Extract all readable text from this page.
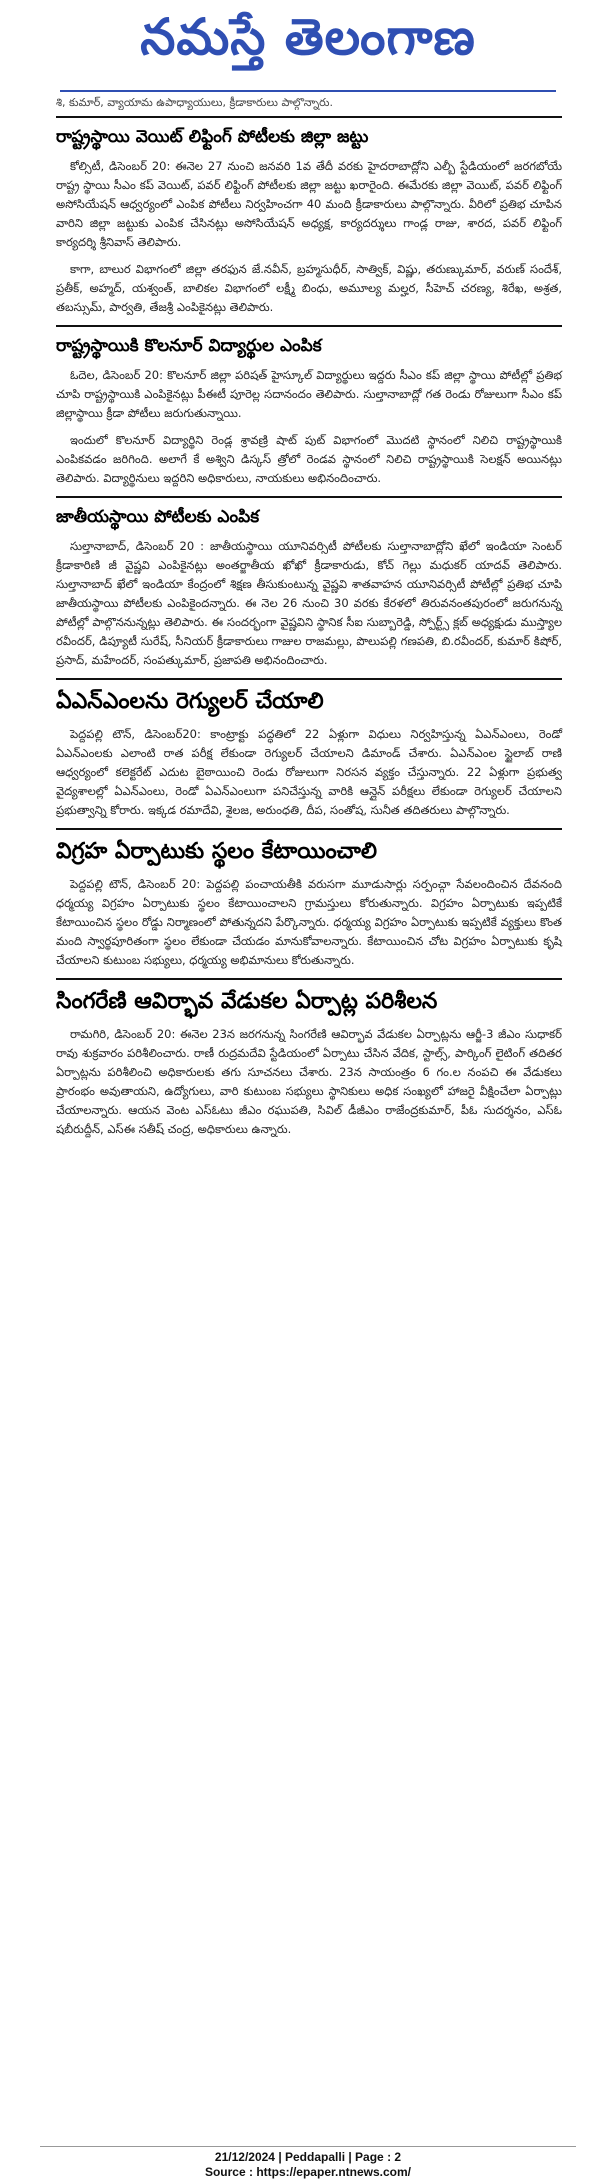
నమస్తే తెలంగాణ
శి, కుమార్, వ్యాయామ ఉపాధ్యాయులు, క్రీడాకారులు పాల్గొన్నారు.
రాష్ట్రస్థాయి వెయిట్ లిఫ్టింగ్ పోటీలకు జిల్లా జట్టు

కోల్సిటీ, డిసెంబర్ 20: ఈనెల 27 నుంచి జనవరి 1వ తేదీ వరకు హైదరాబాద్లోని ఎల్బీ స్టేడియంలో జరగబోయే రాష్ట్ర స్థాయి సీఎం కప్ వెయిట్, పవర్ లిఫ్టింగ్ పోటీలకు జిల్లా జట్టు ఖరారైంది. ఈమేరకు జిల్లా వెయిట్, పవర్ లిఫ్టింగ్ అసోసియేషన్ ఆధ్వర్యంలో ఎంపిక పోటీలు నిర్వహించగా 40 మంది క్రీడాకారులు పాల్గొన్నారు. వీరిలో ప్రతిభ చూపిన వారిని జిల్లా జట్టుకు ఎంపిక చేసినట్లు అసోసియేషన్ అధ్యక్ష, కార్యదర్శులు గాండ్ల రాజు, శారద, పవర్ లిఫ్టింగ్ కార్యదర్శి శ్రీనివాస్ తెలిపారు.

కాగా, బాలుర విభాగంలో జిల్లా తరఫున జే.నవీన్, బ్రహ్మసుధీర్, సాత్విక్, విష్ణు, తరుణ్కుమార్, వరుణ్ సందేశ్, ప్రతీక్, అహ్మద్, యశ్వంత్, బాలికల విభాగంలో లక్ష్మీ బింధు, అమూల్య మల్హర, సీహెచ్ చరణ్య, శిరేఖ, అశ్రత, తబస్సుమ్, పార్వతి, తేజశ్రీ ఎంపికైనట్లు తెలిపారు.

రాష్ట్రస్థాయికి కొలనూర్ విద్యార్థుల ఎంపిక

ఓదెల, డిసెంబర్ 20: కొలనూర్ జిల్లా పరిషత్ హైస్కూల్ విద్యార్థులు ఇద్దరు సీఎం కప్ జిల్లా స్థాయి పోటీల్లో ప్రతిభ చూపి రాష్ట్రస్థాయికి ఎంపికైనట్లు పీఈటీ పూరెల్ల సదానందం తెలిపారు. సుల్తానాబాద్లో గత రెండు రోజులుగా సీఎం కప్ జిల్లాస్థాయి క్రీడా పోటీలు జరుగుతున్నాయి.

ఇందులో కొలనూర్ విద్యార్థిని రెండ్ల శ్రావణ్రి షాట్ పుట్ విభాగంలో మొదటి స్థానంలో నిలిచి రాష్ట్రస్థాయికి ఎంపికవడం జరిగింది. అలాగే కే అశ్విని డిస్కస్ త్రోలో రెండవ స్థానంలో నిలిచి రాష్ట్రస్థాయికి సెలక్షన్ అయినట్లు తెలిపారు. విద్యార్థినులు ఇద్దరిని అధికారులు, నాయకులు అభినందించారు.

జాతీయస్థాయి పోటీలకు ఎంపిక

సుల్తానాబాద్, డిసెంబర్ 20 : జాతీయస్థాయి యూనివర్సిటీ పోటీలకు సుల్తానాబాద్లోని ఖేలో ఇండియా సెంటర్ క్రీడాకారిణి జీ వైష్ణవి ఎంపికైనట్లు అంతర్జాతీయ ఖోఖో క్రీడాకారుడు, కోచ్ గెల్లు మధుకర్ యాదవ్ తెలిపారు. సుల్తానాబాద్ ఖేలో ఇండియా కేంద్రంలో శిక్షణ తీసుకుంటున్న వైష్ణవి శాతవాహన యూనివర్సిటీ పోటీల్లో ప్రతిభ చూపి జాతీయస్థాయి పోటీలకు ఎంపికైందన్నారు. ఈ నెల 26 నుంచి 30 వరకు కేరళలో తిరువనంతపురంలో జరుగనున్న పోటీల్లో పాల్గొననున్నట్లు తెలిపారు. ఈ సందర్భంగా వైష్ణవిని స్థానిక సీఐ సుబ్బారెడ్డి, స్పోర్ట్స్ క్లబ్ అధ్యక్షుడు ముస్త్యాల రవీందర్, డిప్యూటీ సురేష్, సీనియర్ క్రీడాకారులు గాజుల రాజమల్లు, పొలుపల్లి గణపతి, బి.రవీందర్, కుమార్ కిషోర్, ప్రసాద్, మహేందర్, సంపత్కుమార్, ప్రజాపతి అభినందించారు.

ఏఎన్ఎంలను రెగ్యులర్ చేయాలి

పెద్దపల్లి టౌన్, డిసెంబర్20: కాంట్రాక్టు పద్ధతిలో 22 ఏళ్లుగా విధులు నిర్వహిస్తున్న ఏఎన్ఎంలు, రెండో ఏఎన్ఎంలకు ఎలాంటి రాత పరీక్ష లేకుండా రెగ్యులర్ చేయాలని డిమాండ్ చేశారు. ఏఎన్ఎంల స్టైలాబ్ రాణి ఆధ్వర్యంలో కలెక్టరేట్ ఎదుట బైఠాయించి రెండు రోజులుగా నిరసన వ్యక్తం చేస్తున్నారు. 22 ఏళ్లుగా ప్రభుత్వ వైద్యశాలల్లో ఏఎన్ఎంలు, రెండో ఏఎన్ఎంలుగా పనిచేస్తున్న వారికి ఆన్లైన్ పరీక్షలు లేకుండా రెగ్యులర్ చేయాలని ప్రభుత్వాన్ని కోరారు. ఇక్కడ రమాదేవి, శైలజ, అరుంధతి, దీప, సంతోష, సునీత తదితరులు పాల్గొన్నారు.

విగ్రహ ఏర్పాటుకు స్థలం కేటాయించాలి

పెద్దపల్లి టౌన్, డిసెంబర్ 20: పెద్దపల్లి పంచాయతీకి వరుసగా మూడుసార్లు సర్పంచ్గా సేవలందించిన దేవనంది ధర్మయ్య విగ్రహం ఏర్పాటుకు స్థలం కేటాయించాలని గ్రామస్తులు కోరుతున్నారు. విగ్రహం ఏర్పాటుకు ఇప్పటికే కేటాయించిన స్థలం రోడ్డు నిర్మాణంలో పోతున్నదని పేర్కొన్నారు. ధర్మయ్య విగ్రహం ఏర్పాటుకు ఇప్పటికే వ్యక్తులు కొంత మంది స్వార్థపూరితంగా స్థలం లేకుండా చేయడం మానుకోవాలన్నారు. కేటాయించిన చోట విగ్రహం ఏర్పాటుకు కృషి చేయాలని కుటుంబ సభ్యులు, ధర్మయ్య అభిమానులు కోరుతున్నారు.

సింగరేణి ఆవిర్భావ వేడుకల ఏర్పాట్ల పరిశీలన

రామగిరి, డిసెంబర్ 20: ఈనెల 23న జరగనున్న సింగరేణి ఆవిర్భావ వేడుకల ఏర్పాట్లను ఆర్జీ-3 జీఎం సుధాకర్ రావు శుక్రవారం పరిశీలించారు. రాణీ రుద్రమదేవి స్టేడియంలో ఏర్పాటు చేసిన వేదిక, స్టాల్స్, పార్కింగ్ లైటింగ్ తదితర ఏర్పాట్లను పరిశీలించి అధికారులకు తగు సూచనలు చేశారు. 23న సాయంత్రం 6 గం.ల నంపచి ఈ వేడుకలు ప్రారంభం అవుతాయని, ఉద్యోగులు, వారి కుటుంబ సభ్యులు స్థానికులు అధిక సంఖ్యలో హాజరై వీక్షించేలా ఏర్పాట్లు చేయాలన్నారు. ఆయన వెంట ఎస్ఓటు జీఎం రఘుపతి, సివిల్ డీజీఎం రాజేంద్రకుమార్, పీఓ సుదర్శనం, ఎస్ఓ షబీరుద్దీన్, ఎస్ఈ సతీష్ చంద్ర, అధికారులు ఉన్నారు.

21/12/2024 | Peddapalli | Page : 2
Source : https://epaper.ntnews.com/
